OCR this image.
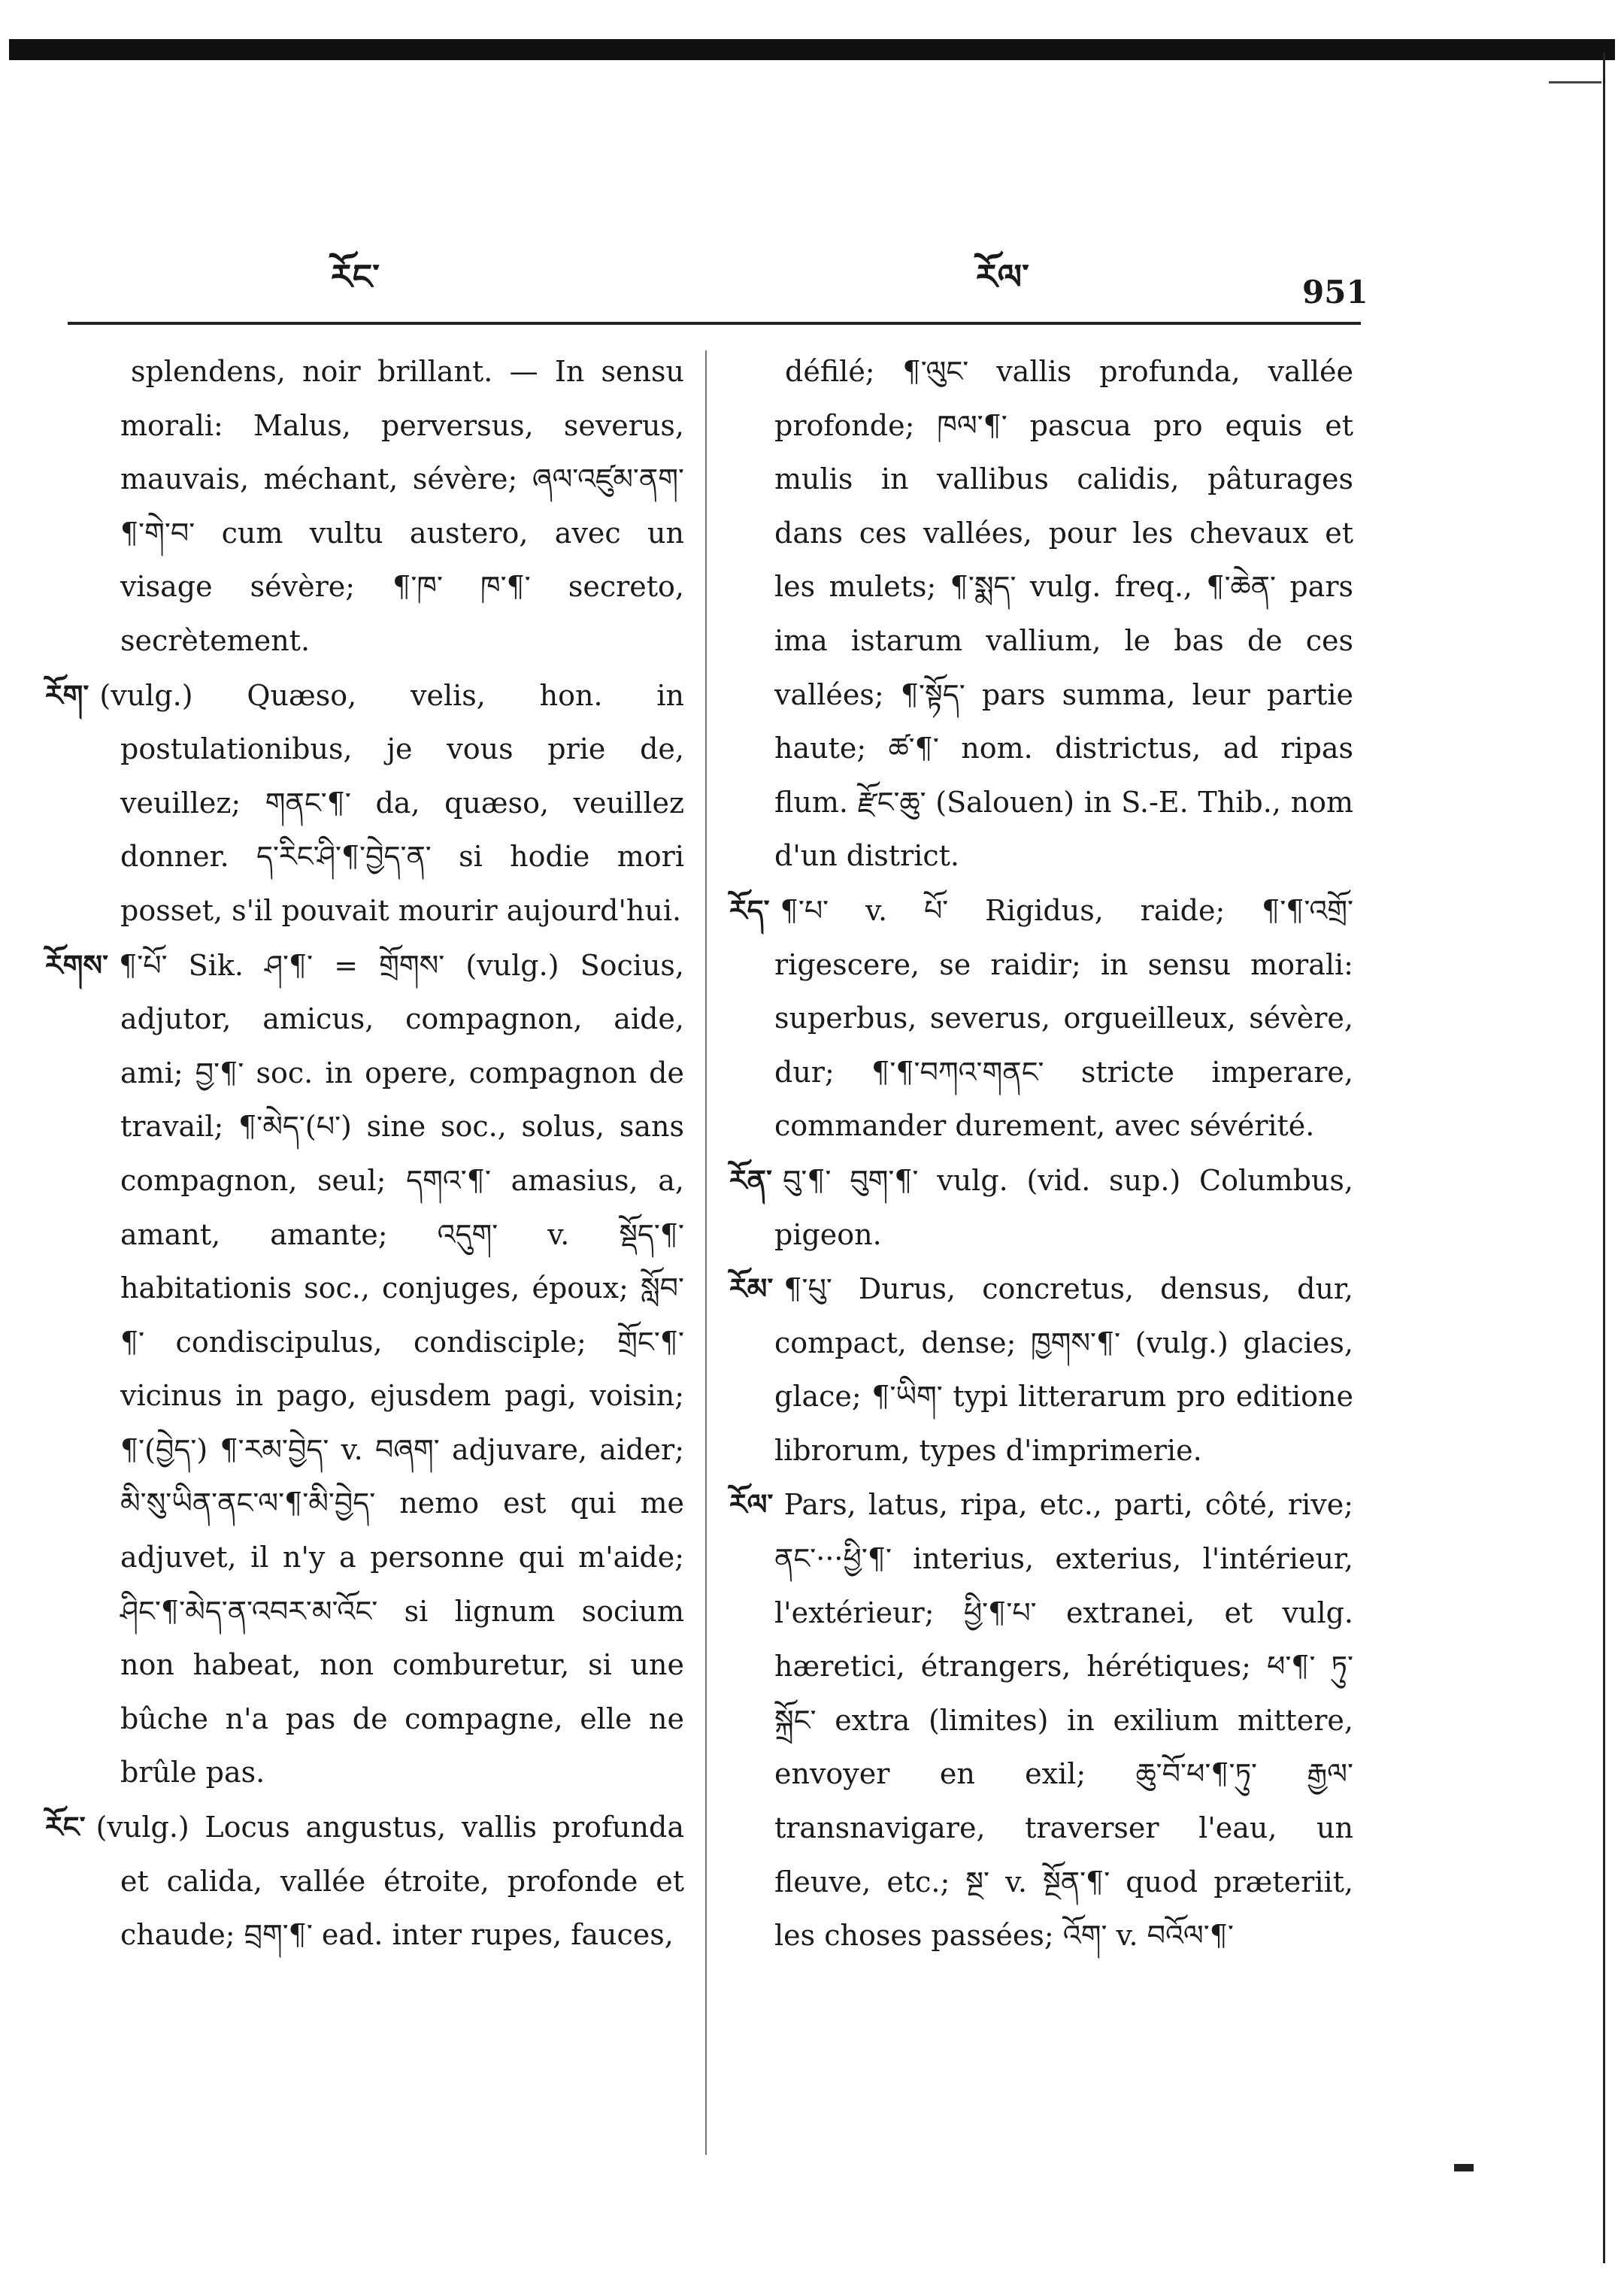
རོང་	རོལ་	951

splendens, noir brillant. — In sensu morali: Malus, perversus, severus, mauvais, méchant, sévère; ཞལ་འཛུམ་ནག་ ¶་གེ་བ་ cum vultu austero, avec un visage sévère; ¶་ཁ་ ཁ་¶་ secreto, secrètement.

རོག་ (vulg.) Quæso, velis, hon. in postulationibus, je vous prie de, veuillez; གནང་¶་ da, quæso, veuillez donner. ད་རིང་ཤི་¶་བྱེད་ན་ si hodie mori posset, s'il pouvait mourir aujourd'hui.

རོགས་ ¶་པོ་ Sik. ཤ་¶་ = གྲོགས་ (vulg.) Socius, adjutor, amicus, compagnon, aide, ami; བྱ་¶་ soc. in opere, compagnon de travail; ¶་མེད་(པ་) sine soc., solus, sans compagnon, seul; དགའ་¶་ amasius, a, amant, amante; འདུག་ v. སྡོད་¶་ habitationis soc., conjuges, époux; སློབ་¶་ condiscipulus, condisciple; གྲོང་¶་ vicinus in pago, ejusdem pagi, voisin; ¶་(བྱེད་) ¶་རམ་བྱེད་ v. བཞག་ adjuvare, aider; མི་སུ་ཡིན་ནང་ལ་¶་མི་བྱེད་ nemo est qui me adjuvet, il n'y a personne qui m'aide; ཤིང་¶་མེད་ན་འབར་མ་འོང་ si lignum socium non habeat, non comburetur, si une bûche n'a pas de compagne, elle ne brûle pas.

རོང་ (vulg.) Locus angustus, vallis profunda et calida, vallée étroite, profonde et chaude; བྲག་¶་ ead. inter rupes, fauces,

défilé; ¶་ལུང་ vallis profunda, vallée profonde; ཁལ་¶་ pascua pro equis et mulis in vallibus calidis, pâturages dans ces vallées, pour les chevaux et les mulets; ¶་སྨད་ vulg. freq., ¶་ཆེན་ pars ima istarum vallium, le bas de ces vallées; ¶་སྟོད་ pars summa, leur partie haute; ཚ་¶་ nom. districtus, ad ripas flum. རྫོང་ཆུ་ (Salouen) in S.-E. Thib., nom d'un district.

རོད་ ¶་པ་ v. པོ་ Rigidus, raide; ¶་¶་འགྲོ་ rigescere, se raidir; in sensu morali: superbus, severus, orgueilleux, sévère, dur; ¶་¶་བཀའ་གནང་ stricte imperare, commander durement, avec sévérité.

རོན་ བུ་¶་ བུག་¶་ vulg. (vid. sup.) Columbus, pigeon.

རོམ་ ¶་པུ་ Durus, concretus, densus, dur, compact, dense; ཁྱགས་¶་ (vulg.) glacies, glace; ¶་ཡིག་ typi litterarum pro editione librorum, types d'imprimerie.

རོལ་ Pars, latus, ripa, etc., parti, côté, rive; ནང་···ཕྱི་¶་ interius, exterius, l'intérieur, l'extérieur; ཕྱི་¶་པ་ extranei, et vulg. hæretici, étrangers, hérétiques; ཕ་¶་ ཏུ་སྐྲོང་ extra (limites) in exilium mittere, envoyer en exil; ཆུ་བོ་ཕ་¶་ཏུ་ རྒྱལ་ transnavigare, traverser l'eau, un fleuve, etc.; སྔ་ v. སྔོན་¶་ quod præteriit, les choses passées; འོག་ v. བའོལ་¶་
